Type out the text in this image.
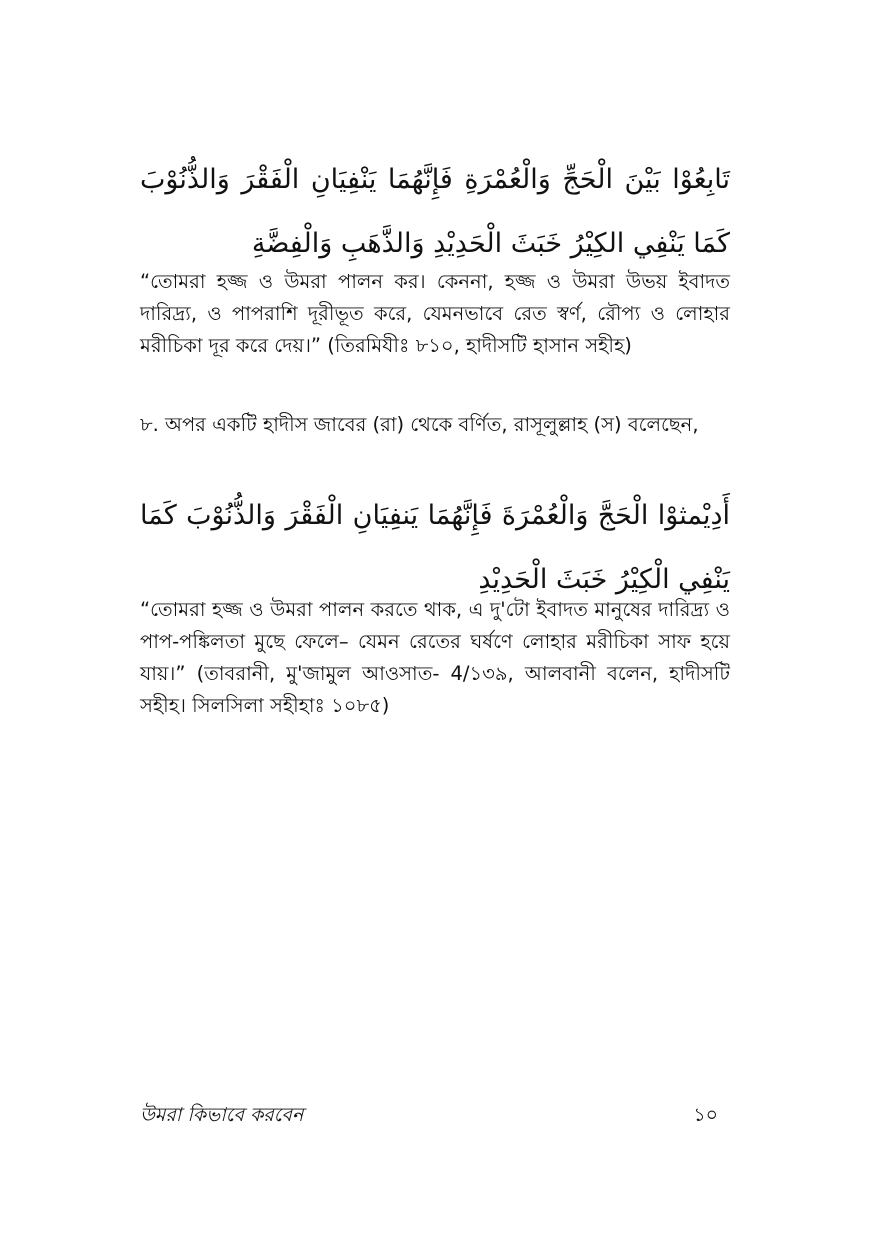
تَابِعُوْا بَيْنَ الْحَجِّ وَالْعُمْرَةِ فَإِنَّهُمَا يَنْفِيَانِ الْفَقْرَ وَالذُّنُوْبَ كَمَا يَنْفِي الكِيْرُ خَبَثَ الْحَدِيْدِ وَالذَّهَبِ وَالْفِضَّةِ
“তোমরা হজ্জ ও উমরা পালন কর। কেননা, হজ্জ ও উমরা উভয় ইবাদত দারিদ্র্য, ও পাপরাশি দূরীভূত করে, যেমনভাবে রেত স্বর্ণ, রৌপ্য ও লোহার মরীচিকা দূর করে দেয়।” (তিরমিযীঃ ৮১০, হাদীসটি হাসান সহীহ)
৮. অপর একটি হাদীস জাবের (রা) থেকে বর্ণিত, রাসূলুল্লাহ (স) বলেছেন,
أَدِيْمثوْا الْحَجَّ وَالْعُمْرَةَ فَإِنَّهُمَا يَنفِيَانِ الْفَقْرَ وَالذُّنُوْبَ كَمَا يَنْفِي الْكِيْرُ خَبَثَ الْحَدِيْدِ
“তোমরা হজ্জ ও উমরা পালন করতে থাক, এ দু'টো ইবাদত মানুষের দারিদ্র্য ও পাপ-পঙ্কিলতা মুছে ফেলে– যেমন রেতের ঘর্ষণে লোহার মরীচিকা সাফ হয়ে যায়।” (তাবরানী, মু'জামুল আওসাত- 4/১৩৯, আলবানী বলেন, হাদীসটি সহীহ। সিলসিলা সহীহাঃ ১০৮৫)
উমরা কিভাবে করবেন	১০
